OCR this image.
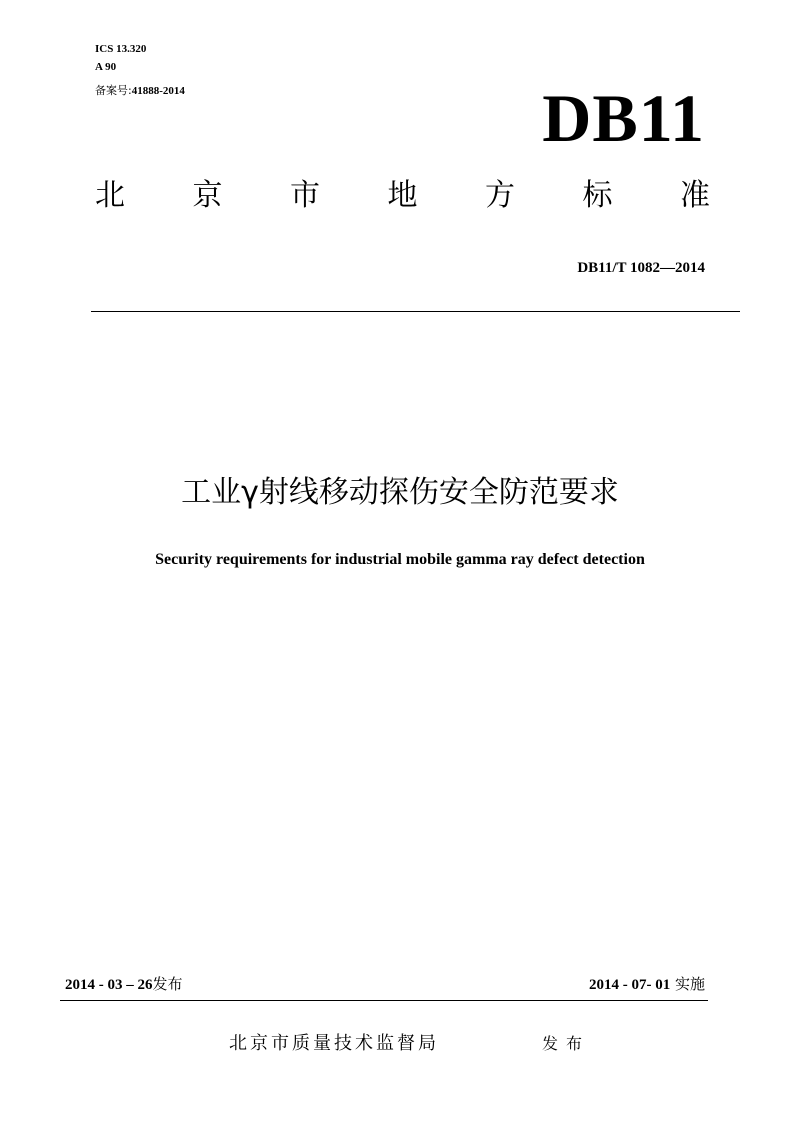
ICS 13.320
A 90
备案号:41888-2014	DB11
北 京 市 地 方 标 准
DB11/T 1082—2014
工业γ射线移动探伤安全防范要求
Security requirements for industrial mobile gamma ray defect detection
2014 - 03 – 26发布	2014 - 07- 01 实施
北京市质量技术监督局	发布
